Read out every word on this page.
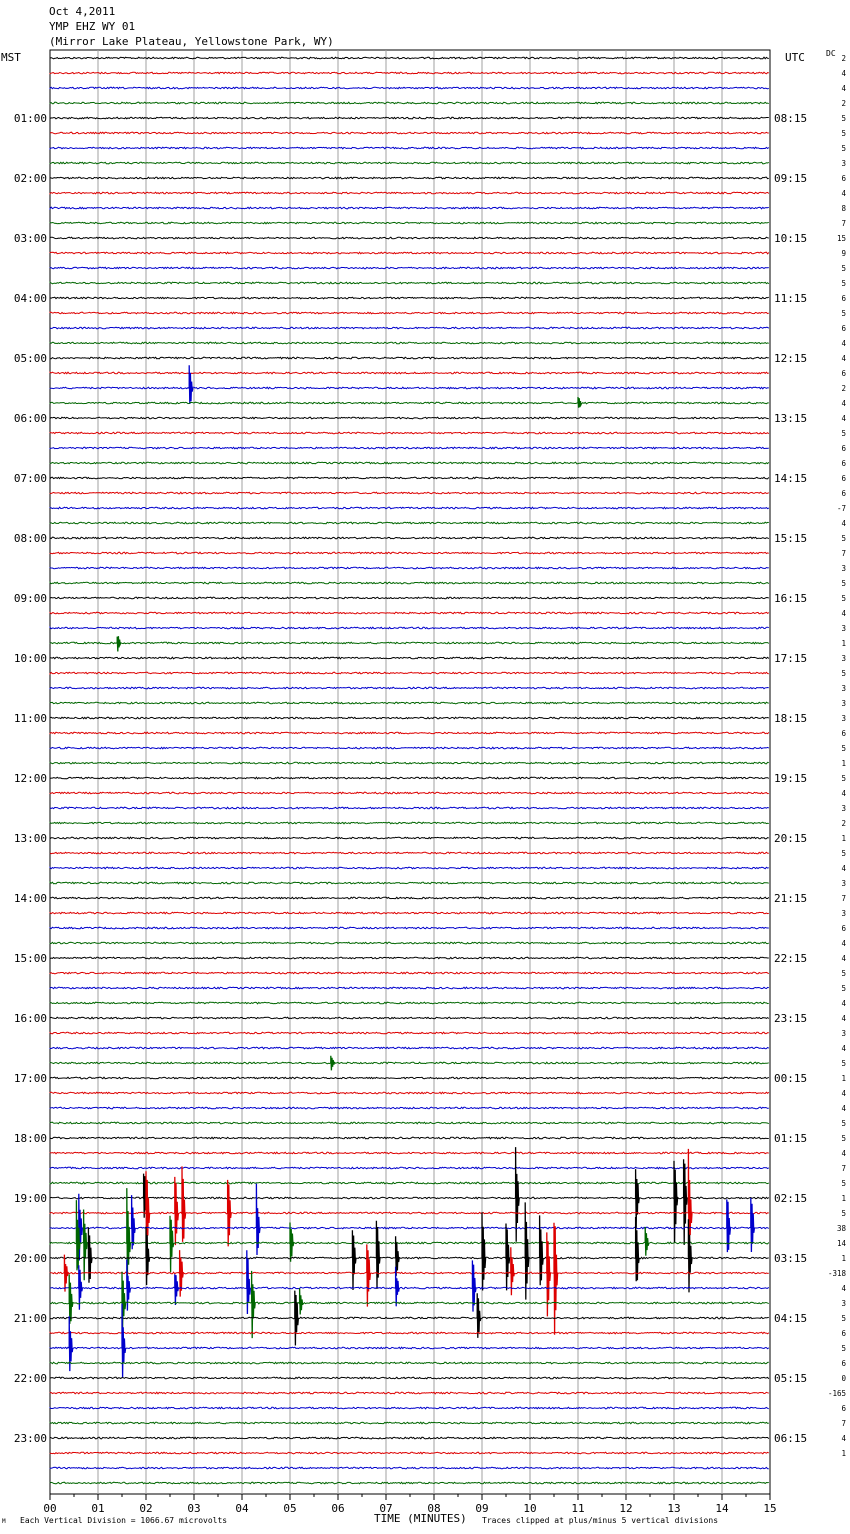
Oct 4,2011
YMP EHZ WY 01
(Mirror Lake Plateau, Yellowstone Park, WY)
MST	UTC	DC
00	01	02	03	04	05	06	07	08	09	10	11	12	13	14	15
01:00
02:00
03:00
04:00
05:00
06:00
07:00
08:00
09:00
10:00
11:00
12:00
13:00
14:00
15:00
16:00
17:00
18:00
19:00
20:00
21:00
22:00
23:00
08:15
09:15
10:15
11:15
12:15
13:15
14:15
15:15
16:15
17:15
18:15
19:15
20:15
21:15
22:15
23:15
00:15
01:15
02:15
03:15
04:15
05:15
06:15
2
4
4
2
5
5
5
3
6
4
8
7
15
9
5
5
6
5
6
4
4
6
2
4
4
5
6
6
6
6
-7
4
5
7
3
5
5
4
3
1
3
5
3
3
3
6
5
1
5
4
3
2
1
5
4
3
7
3
6
4
4
5
5
4
4
3
4
5
1
4
4
5
5
4
7
5
1
5
38
14
1
-318
4
3
5
6
5
6
0
-165
6
7
4
1
TIME (MINUTES)
Each Vertical Division = 1066.67 microvolts	Traces clipped at plus/minus 5 vertical divisions
M
